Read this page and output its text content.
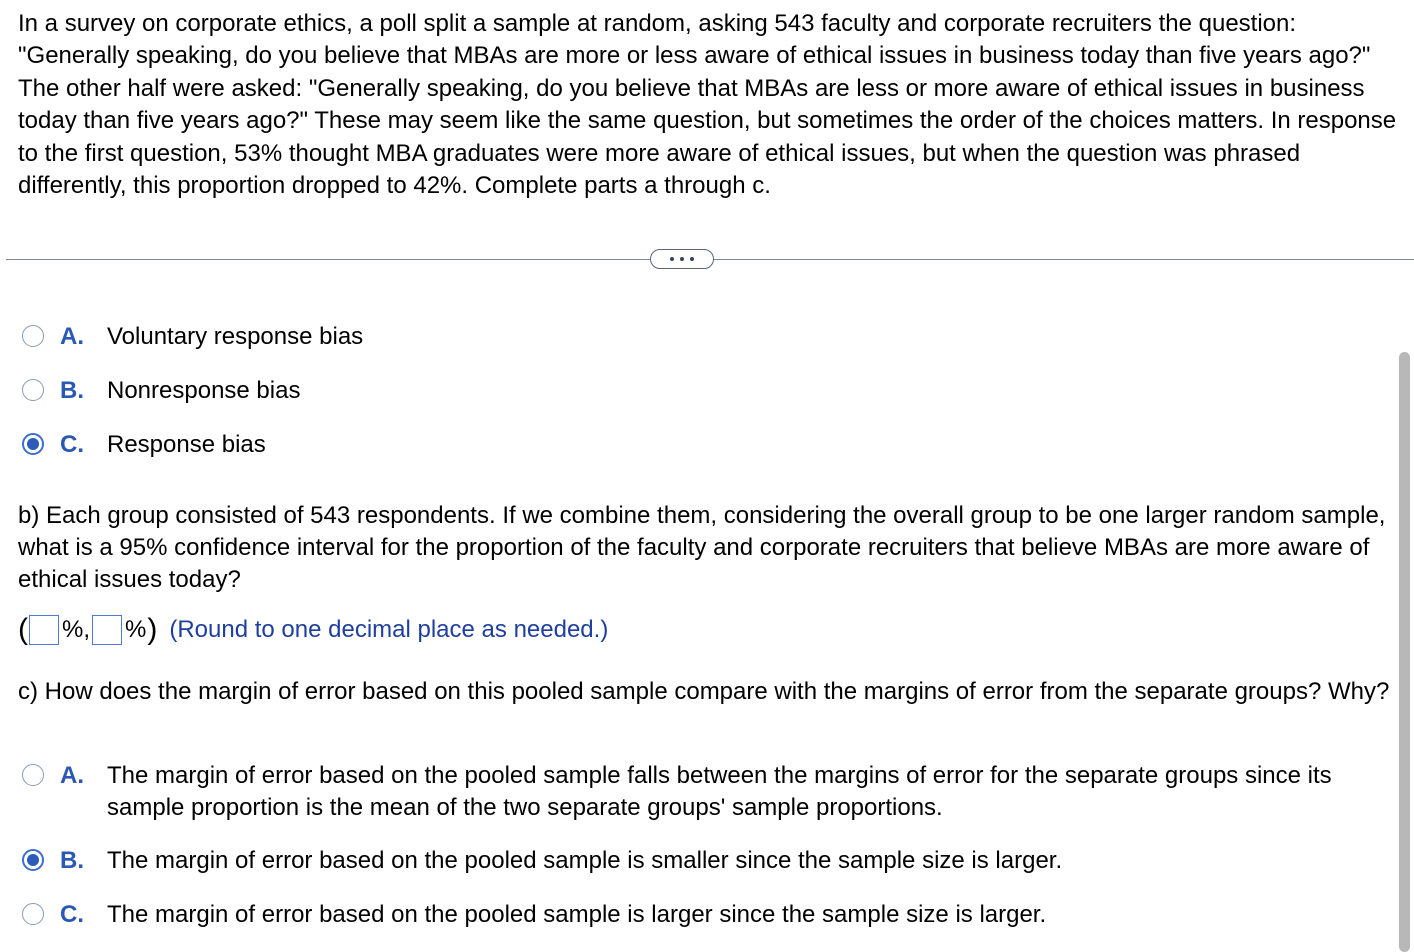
In a survey on corporate ethics, a poll split a sample at random, asking 543 faculty and corporate recruiters the question: "Generally speaking, do you believe that MBAs are more or less aware of ethical issues in business today than five years ago?" The other half were asked: "Generally speaking, do you believe that MBAs are less or more aware of ethical issues in business today than five years ago?" These may seem like the same question, but sometimes the order of the choices matters. In response to the first question, 53% thought MBA graduates were more aware of ethical issues, but when the question was phrased differently, this proportion dropped to 42%. Complete parts a through c.

A. Voluntary response bias
B. Nonresponse bias
C. Response bias

b) Each group consisted of 543 respondents. If we combine them, considering the overall group to be one larger random sample, what is a 95% confidence interval for the proportion of the faculty and corporate recruiters that believe MBAs are more aware of ethical issues today?

( %, % ) (Round to one decimal place as needed.)

c) How does the margin of error based on this pooled sample compare with the margins of error from the separate groups? Why?

A. The margin of error based on the pooled sample falls between the margins of error for the separate groups since its sample proportion is the mean of the two separate groups' sample proportions.
B. The margin of error based on the pooled sample is smaller since the sample size is larger.
C. The margin of error based on the pooled sample is larger since the sample size is larger.
